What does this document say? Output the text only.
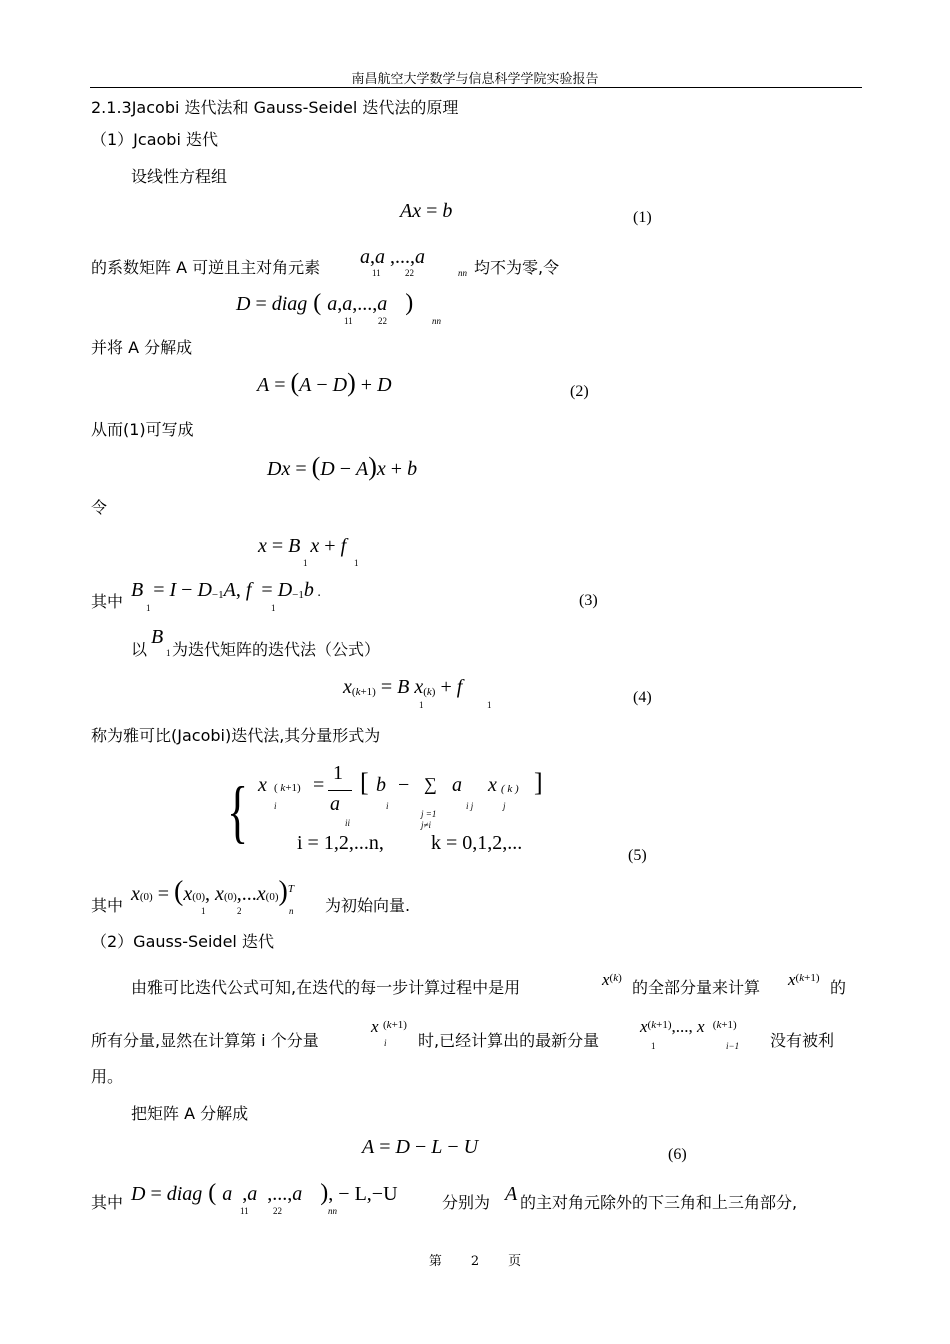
南昌航空大学数学与信息科学学院实验报告
2.1.3Jacobi 迭代法和 Gauss-Seidel 迭代法的原理
（1）Jcaobi 迭代
设线性方程组
Ax = b	(1)
的系数矩阵 A 可逆且主对角元素 a,a ,...,a
11	22	nn 均不为零,令
D = diag ( a,a,...,a   )
11	22	nn
并将 A 分解成
A = (A − D) + D	(2)
从而(1)可写成
Dx = (D − A)x + b
令
x = B x + f
1	1
其中
B  = I − D−1A, f  = D−1b .
1	1	(3)
以
B
1 为迭代矩阵的迭代法（公式）
x(k+1) = B x(k) + f
1	1	(4)
称为雅可比(Jacobi)迭代法,其分量形式为
{ x ( k+1)
i
=
1
a
ii
[ b
i
− ∑
j =1
j≠i
a
i j
x ( k )
j
]
i = 1,2,...n, k = 0,1,2,...
(5)
其中
x(0) = (x(0), x(0),...x(0))$^T$
1	2	n 为初始向量.
（2）Gauss-Seidel 迭代
由雅可比迭代公式可知,在迭代的每一步计算过程中是用	$x^{(k)}$ 的全部分量来计算 $x^{(k+1)}$ 的
所有分量,显然在计算第 i 个分量
x (k+1)
i 时,已经计算出的最新分量
$x^{(k+1)}$,..., x   $^{(k+1)}$
1	i−1 没有被利
用。
把矩阵 A 分解成
A = D − L − U	(6)
其中 D = diag ( a  ,a  ,...,a   ), − L,−U
11	22	nn	分别为 A 的主对角元除外的下三角和上三角部分,
第 2 页
